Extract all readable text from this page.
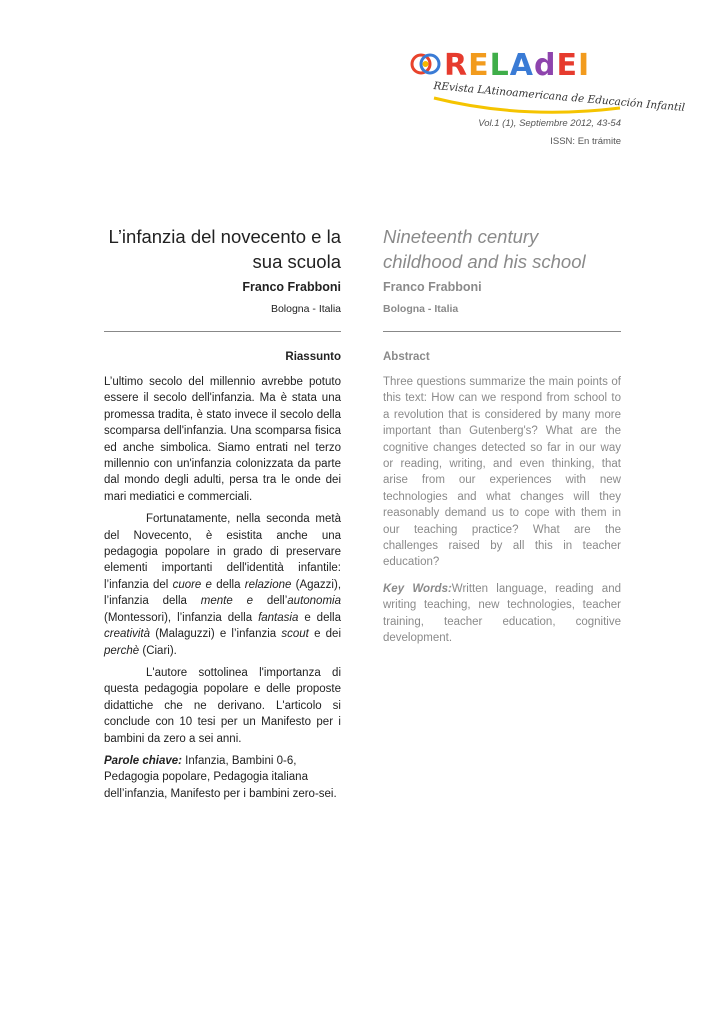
RELAdEI
REvista LAtinoamericana de Educación Infantil
Vol.1 (1), Septiembre 2012, 43-54
ISSN: En trámite
L’infanzia del novecento e la
sua scuola
Nineteenth century
childhood and his school
Franco Frabboni	Franco Frabboni
Bologna - Italia	Bologna - Italia
Riassunto	Abstract

L’ultimo secolo del millennio avrebbe potuto essere il secolo dell'infanzia. Ma è stata una promessa tradita, è stato invece il secolo della scomparsa dell'infanzia. Una scomparsa fisica ed anche simbolica. Siamo entrati nel terzo millennio con un'infanzia colonizzata da parte dal mondo degli adulti, persa tra le onde dei mari mediatici e commerciali.

Fortunatamente, nella seconda metà del Novecento, è esistita anche una pedagogia popolare in grado di preservare elementi importanti dell'identità infantile: l’infanzia del cuore e della relazione (Agazzi), l’infanzia della mente e dell’autonomia (Montessori), l’infanzia della fantasia e della creatività (Malaguzzi) e l’infanzia scout e dei perchè (Ciari).

L'autore sottolinea l'importanza di questa pedagogia popolare e delle proposte didattiche che ne derivano. L'articolo si conclude con 10 tesi per un Manifesto per i bambini da zero a sei anni.

Parole chiave: Infanzia, Bambini 0-6, Pedagogia popolare, Pedagogia italiana dell’infanzia, Manifesto per i bambini zero-sei.

Three questions summarize the main points of this text: How can we respond from school to a revolution that is considered by many more important than Gutenberg's? What are the cognitive changes detected so far in our way or reading, writing, and even thinking, that arise from our experiences with new technologies and what changes will they reasonably demand us to cope with them in our teaching practice? What are the challenges raised by all this in teacher education?

Key Words:Written language, reading and writing teaching, new technologies, teacher training, teacher education, cognitive development.
